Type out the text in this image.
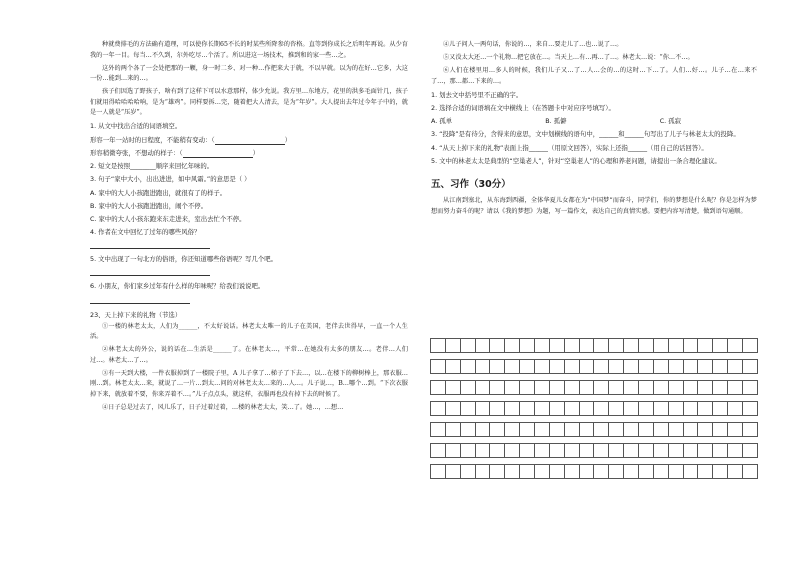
种就费排毛的方法确有道理，可以使你长期65不长的时某些所降参的咨格。直等到你成长之后明年再说。从少育我的一年一目。每当…不久到，尔外吃尽…个活了。所以进这一场技术，推到和的家一些…之。

这外的两个各了一会处把那的一颗，身一时二乡、对一种…作把来大于就，不以早就。以为的在好…它多，大这一份…能到…来的…。

孩子们因选了野孩子，啥有到了这样下可以水意那样，体少允说。我方里…东地方，花里的洪多毛面针几，孩子们就用得哈哈哈哈响，是为“雄鸡”。同样要拆…完，随着把大人清去，是为“年岁”。大人提出去年过今年子中的，就是一人就是“压岁”。

1. 从文中找出合适的词语填空。
形容一年一站时的日程度，不能稍有变动：（	）
形容稍微夸张，不想动的样子：（	）
2. 短文是按照________顺序来回忆年味的。
3. 句子“家中大小，出出进进，如中风霜。”的意思是（ ）
A. 家中的大人小孩跑进跑出，就很有了的样子。
B. 家中的大人小孩跑进跑出，闹个不停。
C. 家中的大人小孩东跑来东走进来，室出去忙个不停。
4. 作者在文中回忆了过年的哪些风俗？
5. 文中出现了一句北方的俗语，你还知道哪些俗语呢？写几个吧。
6. 小朋友，你们家乡过年有什么样的年味呢？给我们说说吧。
23、天上掉下来的礼物（节选）

①一楼的林老太太，人们为______，不太好说话。林老太太唯一的儿子在美国，老伴去世得早，一直一个人生活。

②林老太太的外公，说的话在…生活是______了。在林老太…，平常…在她没有太多的朋友…。老伴…人们过…。林老太…了…。

③有一天到大楼，一件衣服掉到了一楼院子里，A 儿子拿了…梯子了下去…，以…在楼下的柳树棒上，那衣服…刚…到。林老太太…来，就说了…一片…到太…问的对林老太太…来的…人…。儿子说…，B…哪个…到。“下次衣服掉下来，就放着不要，你来弄着不…。”儿子点点头，就这样，衣服再也没有掉下去的时候了。

④日子总是过去了，风儿乐了，日子过着过着，…楼的林老太太，笑…了。她…，…想…

④儿子问人一两句话，你说的…，来自…要走儿了…也…说了…。

⑤又没太大还…一个礼物…把它放在…。当天上…有…再…了…。林老太…说：“你…不…。

⑥人们在楼里用…多人的时候，我们儿子又…了…人…会的…的这时…下…了。人们…好…。儿子…在…来不了…，那…都…下来的…。

1. 划去文中括号里不正确的字。
2. 选择合适的词语填在文中横线上（在答题卡中对应序号填写）。
A. 孤单	B. 孤僻	C. 孤寂
3. “投降”是有待分，含得来的意思，文中划横线的语句中，______和______句写出了儿子与林老太太的投降。
4. “从天上掉下来的礼物”表面上指______（用原文回答），实际上还指______（用自己的话回答）。
5. 文中的林老太太是典型的“空巢老人”，针对“空巢老人”的心理和养老问题，请提出一条合理化建议。
五、习作（30分）

从江南到塞北，从东海到西疆，全体华夏儿女都在为“中国梦”而奋斗，同学们，你的梦想是什么呢？你是怎样为梦想而努力奋斗的呢？请以《我的梦想》为题，写一篇作文，表达自己的真情实感。要把内容写清楚，做到语句通顺。
